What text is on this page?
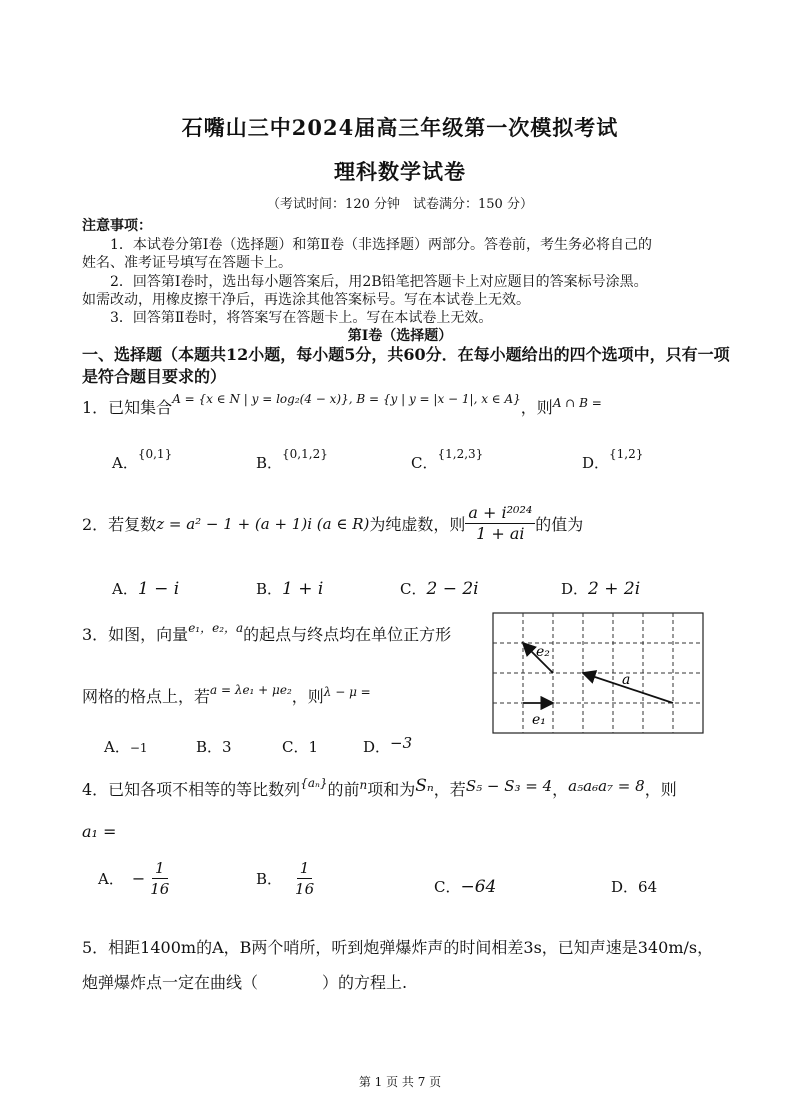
石嘴山三中2024届高三年级第一次模拟考试
理科数学试卷
（考试时间：120 分钟　试卷满分：150 分）
注意事项：
1．本试卷分第Ⅰ卷（选择题）和第Ⅱ卷（非选择题）两部分。答卷前，考生务必将自己的
姓名、准考证号填写在答题卡上。
2．回答第Ⅰ卷时，选出每小题答案后，用2B铅笔把答题卡上对应题目的答案标号涂黑。
如需改动，用橡皮擦干净后，再选涂其他答案标号。写在本试卷上无效。
3．回答第Ⅱ卷时，将答案写在答题卡上。写在本试卷上无效。
第Ⅰ卷（选择题）
一、选择题（本题共12小题，每小题5分，共60分．在每小题给出的四个选项中，只有一项是符合题目要求的）
1．已知集合$^{A = \{x \in N | y = log_2(4 - x)\}, B = \{y | y = |x - 1|, x \in A\}}$，则$^{A \cap B =}$
A．$^{\{0,1\}}$	B．$^{\{0,1,2\}}$	C．$^{\{1,2,3\}}$	D．$^{\{1,2\}}$
2．若复数 z = a² − 1 + (a + 1)i (a ∈ R) 为纯虚数，则 $\frac{\text{a + i²⁰²⁴}}{1 + ai}$ 的值为
A．1 − i	B．1 + i	C．2 − 2i	D．2 + 2i
3．如图，向量$^{e_1,e_2,a}$的起点与终点均在单位正方形
网格的格点上，若$^{a = \lambda e_1 + \mu e_2}$，则$^{\lambda - \mu =}$
A．−1	B．3	C．1	D．−3
e₂
a
e₁
4．已知各项不相等的等比数列$^{\{a_n\}}$的前$^n$项和为Sₙ，若S₅ − S₃ = 4，a₅a₆a₇ = 8，则
a₁ =
A． − $\frac{1}{16}$	B． $\frac{1}{16}$	C．−64	D．64
5．相距1400m的A，B两个哨所，听到炮弹爆炸声的时间相差3s，已知声速是340m/s，
炮弹爆炸点一定在曲线（　　　　）的方程上.
第 1 页 共 7 页
